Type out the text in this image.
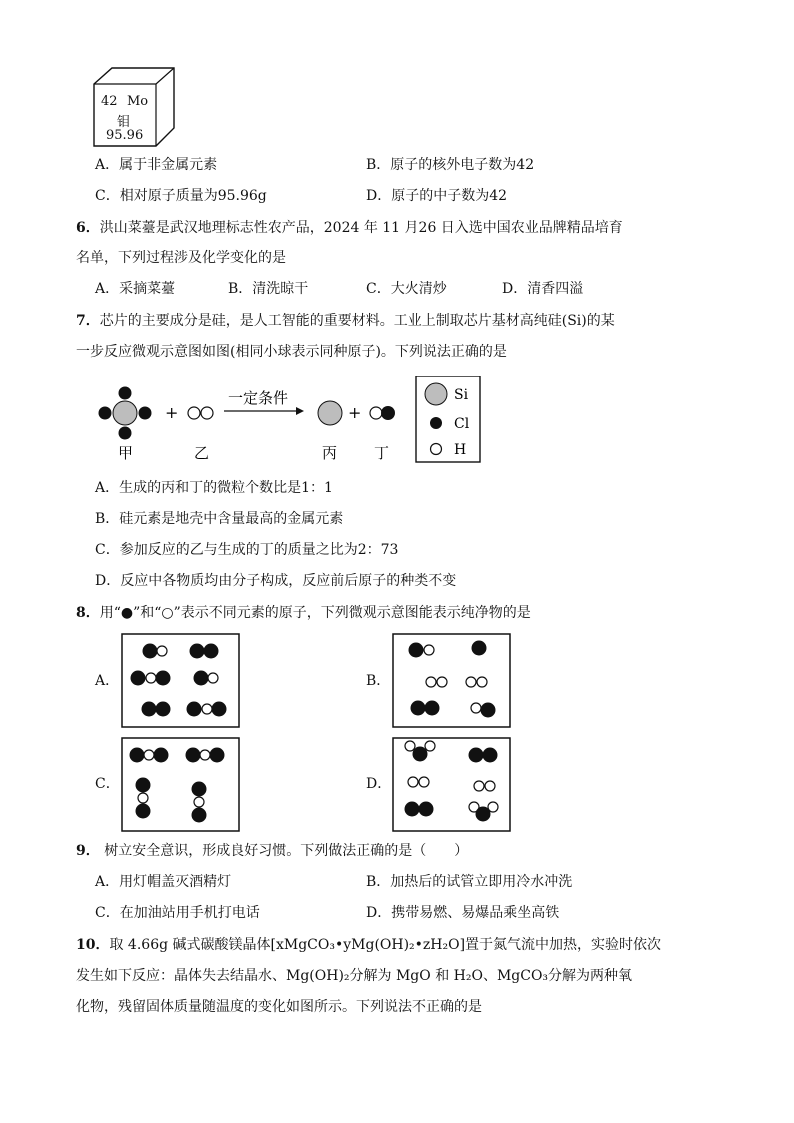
42 Mo
钼
95.96
A．属于非金属元素	B．原子的核外电子数为42
C．相对原子质量为95.96g	D．原子的中子数为42
6．洪山菜薹是武汉地理标志性农产品，2024 年 11 月26 日入选中国农业品牌精品培育
名单，下列过程涉及化学变化的是
A．采摘菜薹	B．清洗晾干	C．大火清炒	D．清香四溢
7．芯片的主要成分是硅，是人工智能的重要材料。工业上制取芯片基材高纯硅(Si)的某
一步反应微观示意图如图(相同小球表示同种原子)。下列说法正确的是
+
一定条件
+
甲	乙	丙 丁
Si
Cl
H
A．生成的丙和丁的微粒个数比是1：1
B．硅元素是地壳中含量最高的金属元素
C．参加反应的乙与生成的丁的质量之比为2：73
D．反应中各物质均由分子构成，反应前后原子的种类不变
8．用“●”和“○”表示不同元素的原子，下列微观示意图能表示纯净物的是
A．	B．
C．	D．
9． 树立安全意识，形成良好习惯。下列做法正确的是（　　）
A．用灯帽盖灭酒精灯	B．加热后的试管立即用冷水冲洗
C．在加油站用手机打电话	D．携带易燃、易爆品乘坐高铁
10．取 4.66g 碱式碳酸镁晶体[xMgCO₃•yMg(OH)₂•zH₂O]置于氮气流中加热，实验时依次
发生如下反应：晶体失去结晶水、Mg(OH)₂分解为 MgO 和 H₂O、MgCO₃分解为两种氧
化物，残留固体质量随温度的变化如图所示。下列说法不正确的是
